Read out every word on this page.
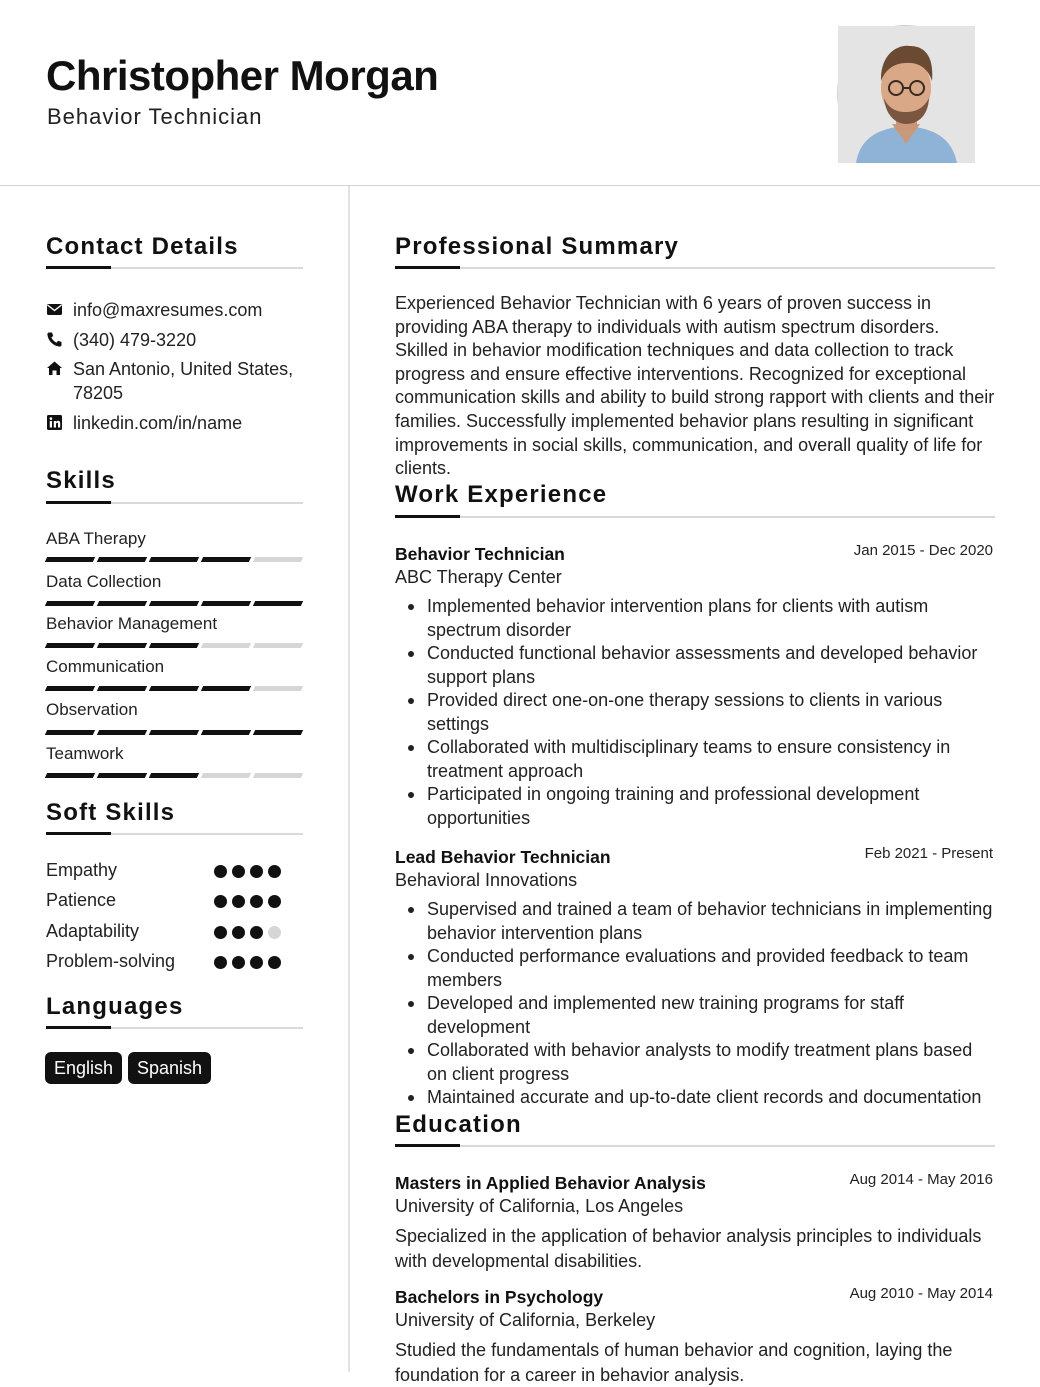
Christopher Morgan
Behavior Technician
Contact Details
info@maxresumes.com
(340) 479-3220
San Antonio, United States,
78205
linkedin.com/in/name
Skills
ABA Therapy
Data Collection
Behavior Management
Communication
Observation
Teamwork
Soft Skills
Empathy
Patience
Adaptability
Problem-solving
Languages
English	Spanish
Professional Summary
Experienced Behavior Technician with 6 years of proven success in providing ABA therapy to individuals with autism spectrum disorders. Skilled in behavior modification techniques and data collection to track progress and ensure effective interventions. Recognized for exceptional communication skills and ability to build strong rapport with clients and their families. Successfully implemented behavior plans resulting in significant improvements in social skills, communication, and overall quality of life for clients.
Work Experience
Behavior Technician	Jan 2015 - Dec 2020
ABC Therapy Center
Implemented behavior intervention plans for clients with autism spectrum disorder
Conducted functional behavior assessments and developed behavior support plans
Provided direct one-on-one therapy sessions to clients in various settings
Collaborated with multidisciplinary teams to ensure consistency in treatment approach
Participated in ongoing training and professional development opportunities
Lead Behavior Technician	Feb 2021 - Present
Behavioral Innovations
Supervised and trained a team of behavior technicians in implementing behavior intervention plans
Conducted performance evaluations and provided feedback to team members
Developed and implemented new training programs for staff development
Collaborated with behavior analysts to modify treatment plans based on client progress
Maintained accurate and up-to-date client records and documentation
Education
Masters in Applied Behavior Analysis	Aug 2014 - May 2016
University of California, Los Angeles
Specialized in the application of behavior analysis principles to individuals with developmental disabilities.
Bachelors in Psychology	Aug 2010 - May 2014
University of California, Berkeley
Studied the fundamentals of human behavior and cognition, laying the foundation for a career in behavior analysis.
